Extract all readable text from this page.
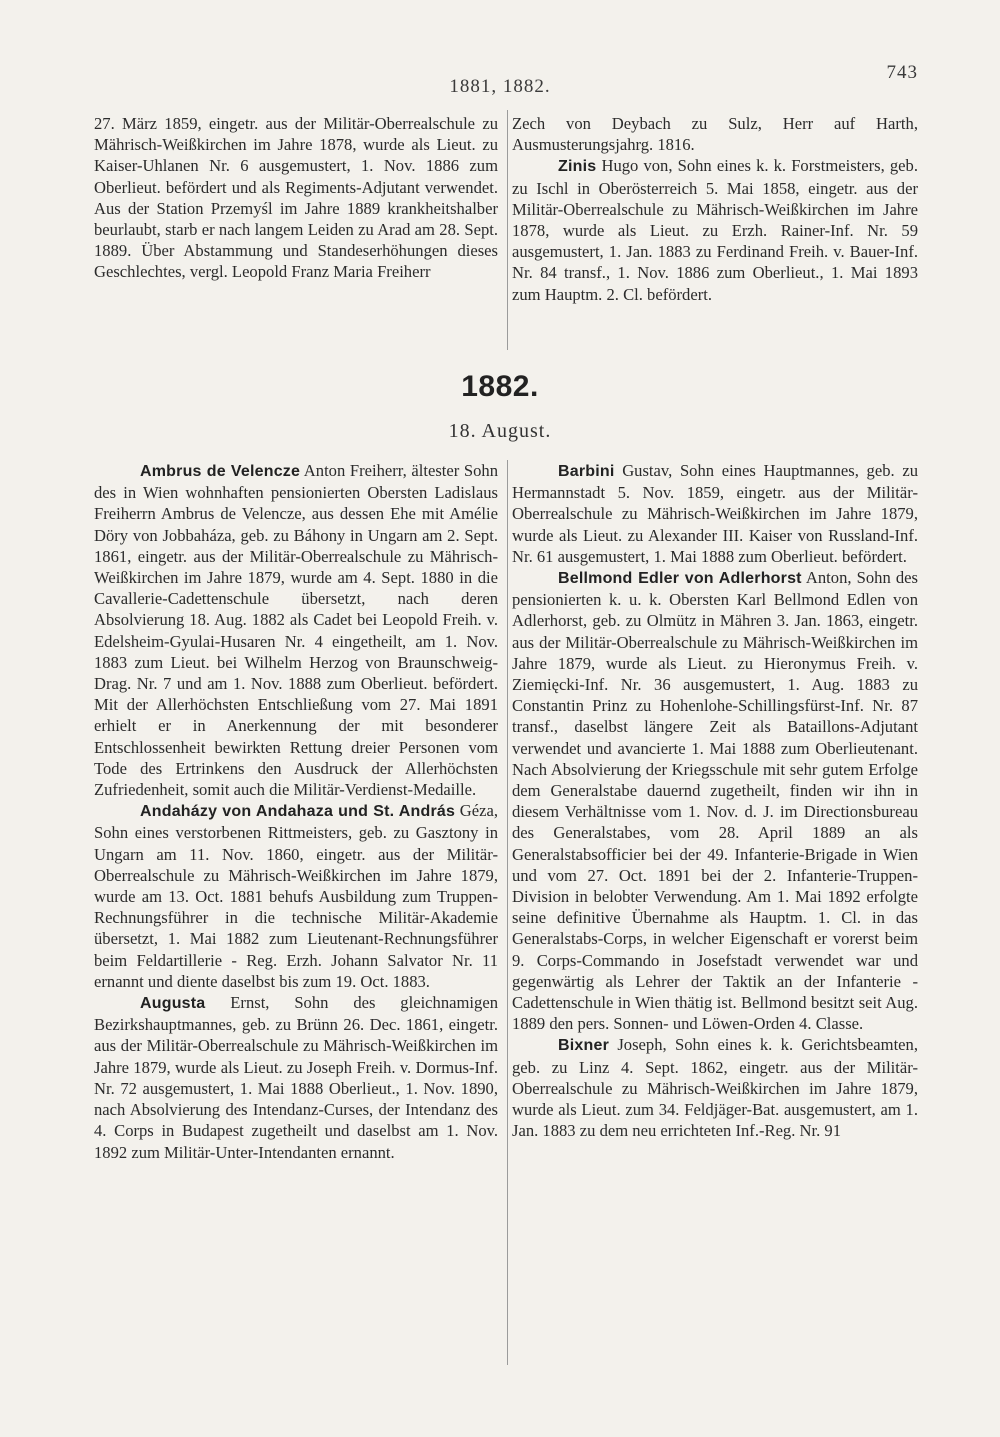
1881, 1882.
743

27. März 1859, eingetr. aus der Militär-Oberrealschule zu Mährisch-Weißkirchen im Jahre 1878, wurde als Lieut. zu Kaiser-Uhlanen Nr. 6 ausgemustert, 1. Nov. 1886 zum Oberlieut. befördert und als Regiments-Adjutant verwendet. Aus der Station Przemyśl im Jahre 1889 krankheitshalber beurlaubt, starb er nach langem Leiden zu Arad am 28. Sept. 1889. Über Abstammung und Standeserhöhungen dieses Geschlechtes, vergl. Leopold Franz Maria Freiherr

Zech von Deybach zu Sulz, Herr auf Harth, Ausmusterungsjahrg. 1816.

Zinis Hugo von, Sohn eines k. k. Forstmeisters, geb. zu Ischl in Oberösterreich 5. Mai 1858, eingetr. aus der Militär-Oberrealschule zu Mährisch-Weißkirchen im Jahre 1878, wurde als Lieut. zu Erzh. Rainer-Inf. Nr. 59 ausgemustert, 1. Jan. 1883 zu Ferdinand Freih. v. Bauer-Inf. Nr. 84 transf., 1. Nov. 1886 zum Oberlieut., 1. Mai 1893 zum Hauptm. 2. Cl. befördert.

1882.
18. August.

Ambrus de Velencze Anton Freiherr, ältester Sohn des in Wien wohnhaften pensionierten Obersten Ladislaus Freiherrn Ambrus de Velencze, aus dessen Ehe mit Amélie Döry von Jobbaháza, geb. zu Báhony in Ungarn am 2. Sept. 1861, eingetr. aus der Militär-Oberrealschule zu Mährisch-Weißkirchen im Jahre 1879, wurde am 4. Sept. 1880 in die Cavallerie-Cadettenschule übersetzt, nach deren Absolvierung 18. Aug. 1882 als Cadet bei Leopold Freih. v. Edelsheim-Gyulai-Husaren Nr. 4 eingetheilt, am 1. Nov. 1883 zum Lieut. bei Wilhelm Herzog von Braunschweig-Drag. Nr. 7 und am 1. Nov. 1888 zum Oberlieut. befördert. Mit der Allerhöchsten Entschließung vom 27. Mai 1891 erhielt er in Anerkennung der mit besonderer Entschlossenheit bewirkten Rettung dreier Personen vom Tode des Ertrinkens den Ausdruck der Allerhöchsten Zufriedenheit, somit auch die Militär-Verdienst-Medaille.

Andaházy von Andahaza und St. András Géza, Sohn eines verstorbenen Rittmeisters, geb. zu Gasztony in Ungarn am 11. Nov. 1860, eingetr. aus der Militär-Oberrealschule zu Mährisch-Weißkirchen im Jahre 1879, wurde am 13. Oct. 1881 behufs Ausbildung zum Truppen-Rechnungsführer in die technische Militär-Akademie übersetzt, 1. Mai 1882 zum Lieutenant-Rechnungsführer beim Feldartillerie - Reg. Erzh. Johann Salvator Nr. 11 ernannt und diente daselbst bis zum 19. Oct. 1883.

Augusta Ernst, Sohn des gleichnamigen Bezirkshauptmannes, geb. zu Brünn 26. Dec. 1861, eingetr. aus der Militär-Oberrealschule zu Mährisch-Weißkirchen im Jahre 1879, wurde als Lieut. zu Joseph Freih. v. Dormus-Inf. Nr. 72 ausgemustert, 1. Mai 1888 Oberlieut., 1. Nov. 1890, nach Absolvierung des Intendanz-Curses, der Intendanz des 4. Corps in Budapest zugetheilt und daselbst am 1. Nov. 1892 zum Militär-Unter-Intendanten ernannt.

Barbini Gustav, Sohn eines Hauptmannes, geb. zu Hermannstadt 5. Nov. 1859, eingetr. aus der Militär-Oberrealschule zu Mährisch-Weißkirchen im Jahre 1879, wurde als Lieut. zu Alexander III. Kaiser von Russland-Inf. Nr. 61 ausgemustert, 1. Mai 1888 zum Oberlieut. befördert.

Bellmond Edler von Adlerhorst Anton, Sohn des pensionierten k. u. k. Obersten Karl Bellmond Edlen von Adlerhorst, geb. zu Olmütz in Mähren 3. Jan. 1863, eingetr. aus der Militär-Oberrealschule zu Mährisch-Weißkirchen im Jahre 1879, wurde als Lieut. zu Hieronymus Freih. v. Ziemięcki-Inf. Nr. 36 ausgemustert, 1. Aug. 1883 zu Constantin Prinz zu Hohenlohe-Schillingsfürst-Inf. Nr. 87 transf., daselbst längere Zeit als Bataillons-Adjutant verwendet und avancierte 1. Mai 1888 zum Oberlieutenant. Nach Absolvierung der Kriegsschule mit sehr gutem Erfolge dem Generalstabe dauernd zugetheilt, finden wir ihn in diesem Verhältnisse vom 1. Nov. d. J. im Directionsbureau des Generalstabes, vom 28. April 1889 an als Generalstabsofficier bei der 49. Infanterie-Brigade in Wien und vom 27. Oct. 1891 bei der 2. Infanterie-Truppen-Division in belobter Verwendung. Am 1. Mai 1892 erfolgte seine definitive Übernahme als Hauptm. 1. Cl. in das Generalstabs-Corps, in welcher Eigenschaft er vorerst beim 9. Corps-Commando in Josefstadt verwendet war und gegenwärtig als Lehrer der Taktik an der Infanterie - Cadettenschule in Wien thätig ist. Bellmond besitzt seit Aug. 1889 den pers. Sonnen- und Löwen-Orden 4. Classe.

Bixner Joseph, Sohn eines k. k. Gerichtsbeamten, geb. zu Linz 4. Sept. 1862, eingetr. aus der Militär-Oberrealschule zu Mährisch-Weißkirchen im Jahre 1879, wurde als Lieut. zum 34. Feldjäger-Bat. ausgemustert, am 1. Jan. 1883 zu dem neu errichteten Inf.-Reg. Nr. 91
